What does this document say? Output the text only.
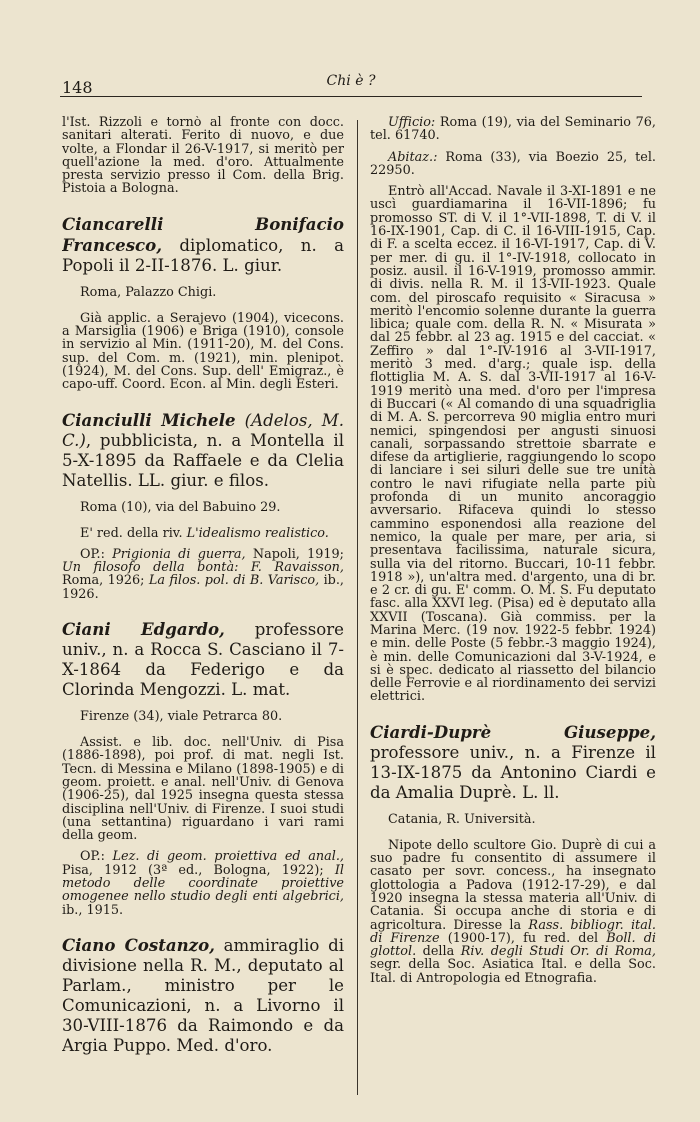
148	Chi è ?

l'Ist. Rizzoli e tornò al fronte con docc. sanitari alterati. Ferito di nuovo, e due volte, a Flondar il 26-V-1917, si meritò per quell'azione la med. d'oro. Attualmente presta servizio presso il Com. della Brig. Pistoia a Bologna.

Ciancarelli Bonifacio Francesco, diplomatico, n. a Popoli il 2-II-1876. L. giur.

Roma, Palazzo Chigi.

Già applic. a Serajevo (1904), vicecons. a Marsiglia (1906) e Briga (1910), console in servizio al Min. (1911-20), M. del Cons. sup. del Com. m. (1921), min. plenipot. (1924), M. del Cons. Sup. dell' Emigraz., è capo-uff. Coord. Econ. al Min. degli Esteri.

Cianciulli Michele (Adelos, M. C.), pubblicista, n. a Montella il 5-X-1895 da Raffaele e da Clelia Natellis. LL. giur. e filos.

Roma (10), via del Babuino 29.

E' red. della riv. L'idealismo realistico.

OP.: Prigionia di guerra, Napoli, 1919; Un filosofo della bontà: F. Ravaisson, Roma, 1926; La filos. pol. di B. Varisco, ib., 1926.

Ciani Edgardo, professore univ., n. a Rocca S. Casciano il 7-X-1864 da Federigo e da Clorinda Mengozzi. L. mat.

Firenze (34), viale Petrarca 80.

Assist. e lib. doc. nell'Univ. di Pisa (1886-1898), poi prof. di mat. negli Ist. Tecn. di Messina e Milano (1898-1905) e di geom. proiett. e anal. nell'Univ. di Genova (1906-25), dal 1925 insegna questa stessa disciplina nell'Univ. di Firenze. I suoi studi (una settantina) riguardano i vari rami della geom.

OP.: Lez. di geom. proiettiva ed anal., Pisa, 1912 (3ª ed., Bologna, 1922); Il metodo delle coordinate proiettive omogenee nello studio degli enti algebrici, ib., 1915.

Ciano Costanzo, ammiraglio di divisione nella R. M., deputato al Parlam., ministro per le Comunicazioni, n. a Livorno il 30-VIII-1876 da Raimondo e da Argia Puppo. Med. d'oro.

Ufficio: Roma (19), via del Seminario 76, tel. 61740.

Abitaz.: Roma (33), via Boezio 25, tel. 22950.

Entrò all'Accad. Navale il 3-XI-1891 e ne uscì guardiamarina il 16-VII-1896; fu promosso ST. di V. il 1°-VII-1898, T. di V. il 16-IX-1901, Cap. di C. il 16-VIII-1915, Cap. di F. a scelta eccez. il 16-VI-1917, Cap. di V. per mer. di gu. il 1°-IV-1918, collocato in posiz. ausil. il 16-V-1919, promosso ammir. di divis. nella R. M. il 13-VII-1923. Quale com. del piroscafo requisito « Siracusa » meritò l'encomio solenne durante la guerra libica; quale com. della R. N. « Misurata » dal 25 febbr. al 23 ag. 1915 e del cacciat. « Zeffiro » dal 1°-IV-1916 al 3-VII-1917, meritò 3 med. d'arg.; quale isp. della flottiglia M. A. S. dal 3-VII-1917 al 16-V-1919 meritò una med. d'oro per l'impresa di Buccari (« Al comando di una squadriglia di M. A. S. percorreva 90 miglia entro muri nemici, spingendosi per angusti sinuosi canali, sorpassando strettoie sbarrate e difese da artiglierie, raggiungendo lo scopo di lanciare i sei siluri delle sue tre unità contro le navi rifugiate nella parte più profonda di un munito ancoraggio avversario. Rifaceva quindi lo stesso cammino esponendosi alla reazione del nemico, la quale per mare, per aria, si presentava facilissima, naturale sicura, sulla via del ritorno. Buccari, 10-11 febbr. 1918 »), un'altra med. d'argento, una di br. e 2 cr. di gu. E' comm. O. M. S. Fu deputato fasc. alla XXVI leg. (Pisa) ed è deputato alla XXVII (Toscana). Già commiss. per la Marina Merc. (19 nov. 1922-5 febbr. 1924) e min. delle Poste (5 febbr.-3 maggio 1924), è min. delle Comunicazioni dal 3-V-1924, e si è spec. dedicato al riassetto del bilancio delle Ferrovie e al riordinamento dei servizi elettrici.

Ciardi-Duprè Giuseppe, professore univ., n. a Firenze il 13-IX-1875 da Antonino Ciardi e da Amalia Duprè. L. ll.

Catania, R. Università.

Nipote dello scultore Gio. Duprè di cui a suo padre fu consentito di assumere il casato per sovr. concess., ha insegnato glottologia a Padova (1912-17-29), e dal 1920 insegna la stessa materia all'Univ. di Catania. Si occupa anche di storia e di agricoltura. Diresse la Rass. bibliogr. ital. di Firenze (1900-17), fu red. del Boll. di glottol. della Riv. degli Studi Or. di Roma, segr. della Soc. Asiatica Ital. e della Soc. Ital. di Antropologia ed Etnografia.
